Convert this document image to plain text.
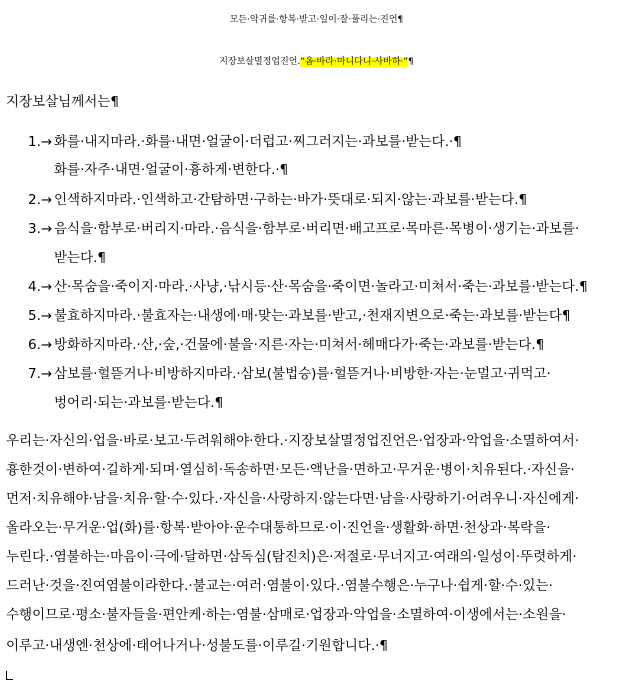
모든·악귀를·항복·받고·일이·잘·풀리는·진언¶
지장보살멸정업진언.“옴·바라·마니다니·사바하·“¶
지장보살님께서는¶
1.→ 화를·내지마라.·화를·내면·얼굴이·더럽고·찌그러지는·과보를·받는다.·¶
화를·자주·내면·얼굴이·흉하게·변한다.·¶
2.→ 인색하지마라.·인색하고·간탐하면·구하는·바가·뜻대로·되지·않는·과보를·받는다.¶
3.→ 음식을·함부로·버리지·마라.·음식을·함부로·버리면·배고프로·목마른·목병이·생기는·과보를·
받는다.¶
4.→ 산·목숨을·죽이지·마라.·사냥,·낚시등·산·목숨을·죽이면·놀라고·미쳐서·죽는·과보를·받는다.¶
5.→ 불효하지마라.·불효자는·내생에·매·맞는·과보를·받고,·천재지변으로·죽는·과보를·받는다¶
6.→ 방화하지마라.·산,·숲,·건물에·불을·지른·자는·미쳐서·헤매다가·죽는·과보를·받는다.¶
7.→ 삼보를·헐뜯거나·비방하지마라.·삼보(불법승)를·헐뜯거나·비방한·자는·눈멀고·귀먹고·
벙어리·되는·과보를·받는다.¶
우리는·자신의·업을·바로·보고·두려워해야·한다.·지장보살멸정업진언은·업장과·악업을·소멸하여서·
흉한것이·변하여·길하게·되며·열심히·독송하면·모든·액난을·면하고·무거운·병이·치유된다.·자신을·
먼저·치유해야·남을·치유·할·수·있다.·자신을·사랑하지·않는다면·남을·사랑하기·어려우니·자신에게·
올라오는·무거운·업(화)를·항복·받아야·운수대통하므로·이·진언을·생활화·하면·천상과·복락을·
누린다.·염불하는·마음이·극에·달하면·삼독심(탐진치)은·저절로·무너지고·여래의·일성이·뚜렷하게·
드러난·것을·진여염불이라한다.·불교는·여러·염불이·있다.·염불수행은·누구나·쉽게·할·수·있는·
수행이므로·평소·불자들을·편안케·하는·염불·삼매로·업장과·악업을·소멸하여·이생에서는·소원을·
이루고·내생엔·천상에·태어나거나·성불도를·이루길·기원합니다.·¶
